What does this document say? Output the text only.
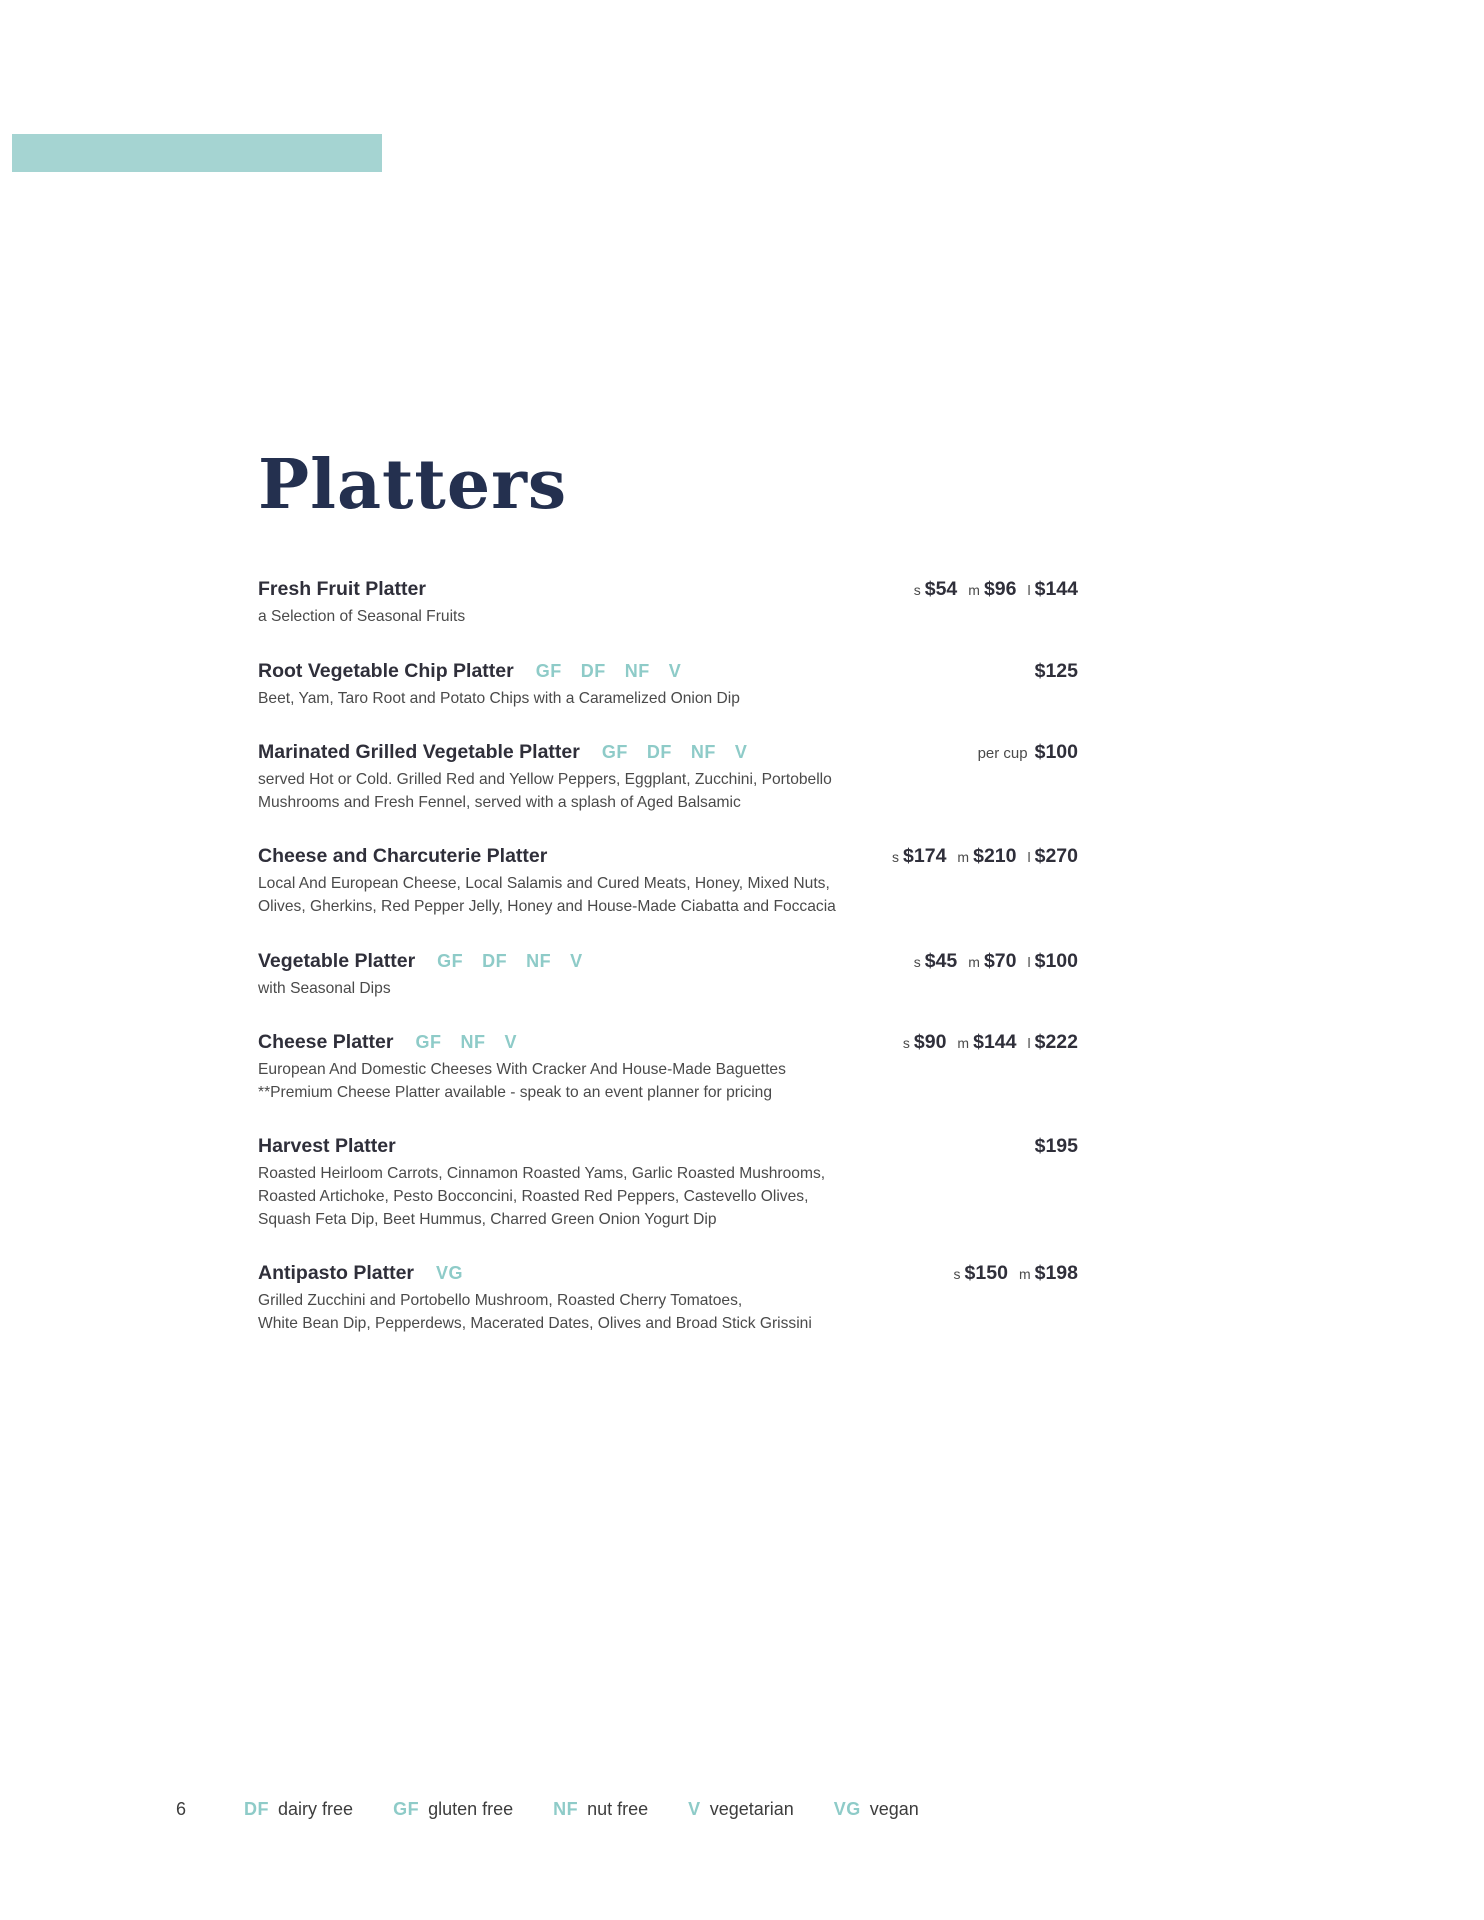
Platters
Fresh Fruit Platter	s $54 m $96 l $144
a Selection of Seasonal Fruits
Root Vegetable Chip Platter GF DF NF V	$125
Beet, Yam, Taro Root and Potato Chips with a Caramelized Onion Dip
Marinated Grilled Vegetable Platter GF DF NF V	per cup $100
served Hot or Cold. Grilled Red and Yellow Peppers, Eggplant, Zucchini, Portobello
Mushrooms and Fresh Fennel, served with a splash of Aged Balsamic
Cheese and Charcuterie Platter	s $174 m $210 l $270
Local And European Cheese, Local Salamis and Cured Meats, Honey, Mixed Nuts,
Olives, Gherkins, Red Pepper Jelly, Honey and House-Made Ciabatta and Foccacia
Vegetable Platter GF DF NF V	s $45 m $70 l $100
with Seasonal Dips
Cheese Platter GF NF V	s $90 m $144 l $222
European And Domestic Cheeses With Cracker And House-Made Baguettes
**Premium Cheese Platter available - speak to an event planner for pricing
Harvest Platter	$195
Roasted Heirloom Carrots, Cinnamon Roasted Yams, Garlic Roasted Mushrooms,
Roasted Artichoke, Pesto Bocconcini, Roasted Red Peppers, Castevello Olives,
Squash Feta Dip, Beet Hummus, Charred Green Onion Yogurt Dip
Antipasto Platter VG	s $150 m $198
Grilled Zucchini and Portobello Mushroom, Roasted Cherry Tomatoes,
White Bean Dip, Pepperdews, Macerated Dates, Olives and Broad Stick Grissini
6	DF dairy free GF gluten free NF nut free V vegetarian VG vegan
